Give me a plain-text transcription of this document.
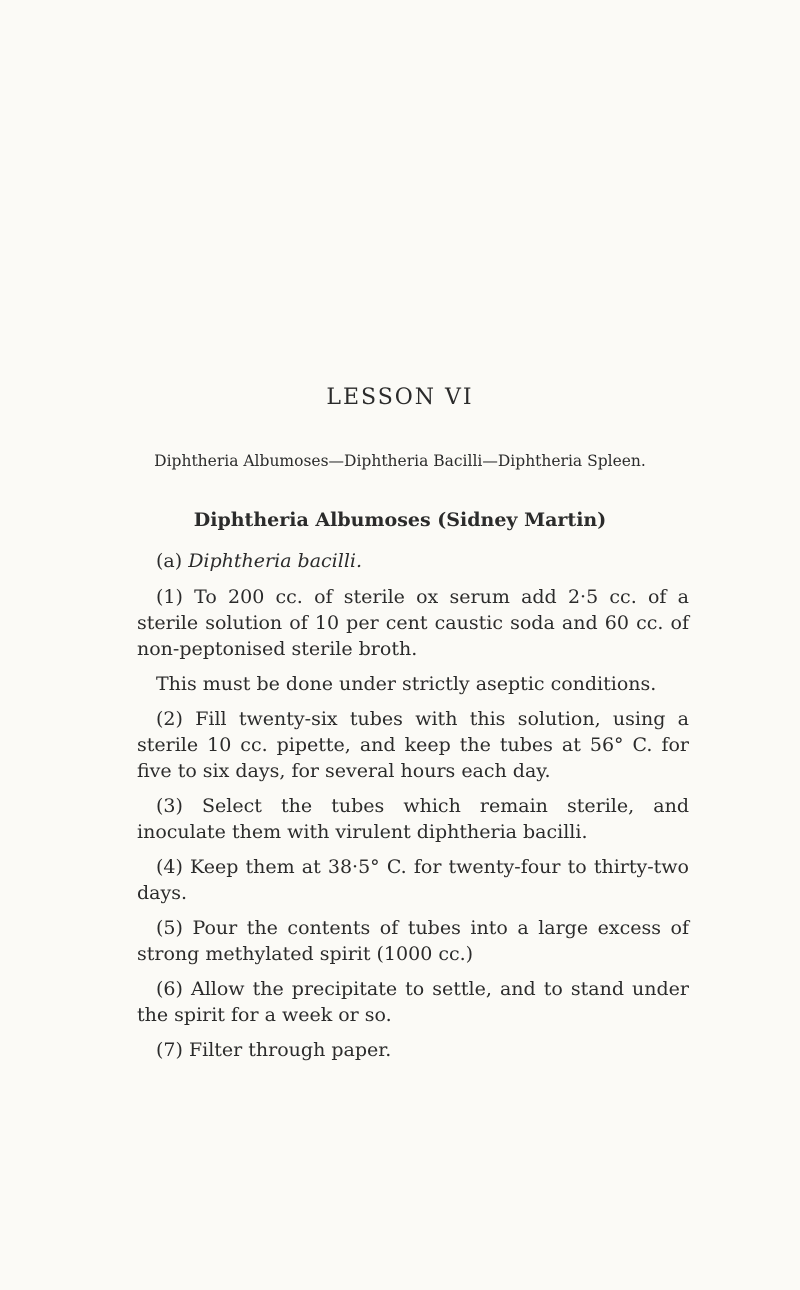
LESSON VI

Diphtheria Albumoses—Diphtheria Bacilli—Diphtheria Spleen.

Diphtheria Albumoses (Sidney Martin)

(a) Diphtheria bacilli.

(1) To 200 cc. of sterile ox serum add 2·5 cc. of a sterile solution of 10 per cent caustic soda and 60 cc. of non-peptonised sterile broth.

This must be done under strictly aseptic conditions.

(2) Fill twenty-six tubes with this solution, using a sterile 10 cc. pipette, and keep the tubes at 56° C. for five to six days, for several hours each day.

(3) Select the tubes which remain sterile, and inoculate them with virulent diphtheria bacilli.

(4) Keep them at 38·5° C. for twenty-four to thirty-two days.

(5) Pour the contents of tubes into a large excess of strong methylated spirit (1000 cc.)

(6) Allow the precipitate to settle, and to stand under the spirit for a week or so.

(7) Filter through paper.
